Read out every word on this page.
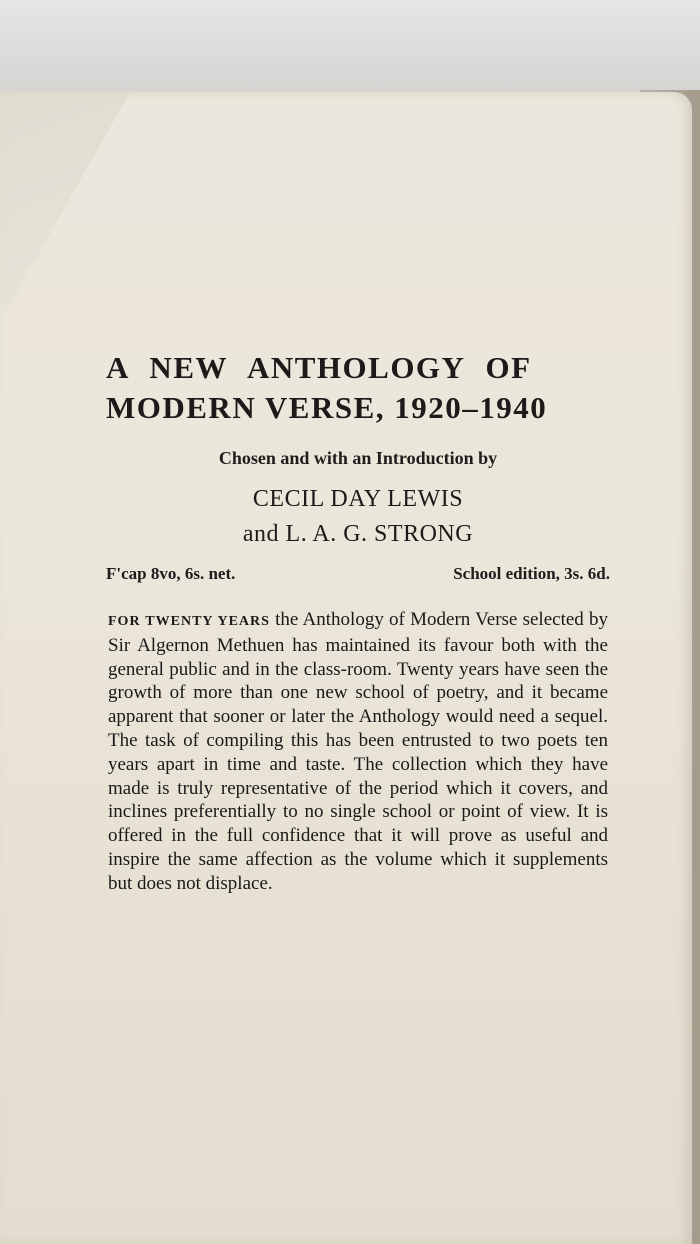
A NEW ANTHOLOGY OF
MODERN VERSE, 1920–1940
Chosen and with an Introduction by
CECIL DAY LEWIS
and L. A. G. STRONG
F'cap 8vo, 6s. net.	School edition, 3s. 6d.

FOR TWENTY YEARS the Anthology of Modern Verse selected by Sir Algernon Methuen has maintained its favour both with the general public and in the class-room. Twenty years have seen the growth of more than one new school of poetry, and it became apparent that sooner or later the Anthology would need a sequel. The task of compiling this has been entrusted to two poets ten years apart in time and taste. The collection which they have made is truly representative of the period which it covers, and inclines preferentially to no single school or point of view. It is offered in the full confidence that it will prove as useful and inspire the same affection as the volume which it supplements but does not displace.
